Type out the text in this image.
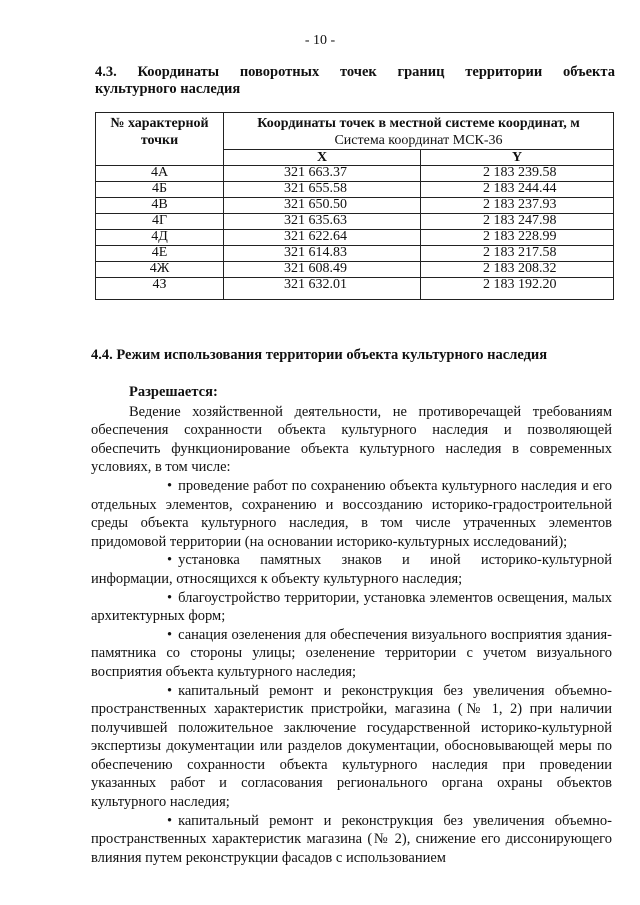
- 10 -
4.3. Координаты поворотных точек границ территории объекта
культурного наследия
№ характерной точки	Координаты точек в местной системе координат, м
Система координат МСК-36	
	X	Y
4А	321 663.37	2 183 239.58
4Б	321 655.58	2 183 244.44
4В	321 650.50	2 183 237.93
4Г	321 635.63	2 183 247.98
4Д	321 622.64	2 183 228.99
4Е	321 614.83	2 183 217.58
4Ж	321 608.49	2 183 208.32
4З	321 632.01	2 183 192.20
4.4. Режим использования территории объекта культурного наследия

Разрешается:

Ведение хозяйственной деятельности, не противоречащей требованиям обеспечения сохранности объекта культурного наследия и позволяющей обеспечить функционирование объекта культурного наследия в современных условиях, в том числе:

• проведение работ по сохранению объекта культурного наследия и его отдельных элементов, сохранению и воссозданию историко-градостроительной среды объекта культурного наследия, в том числе утраченных элементов придомовой территории (на основании историко-культурных исследований);

• установка памятных знаков и иной историко-культурной информации, относящихся к объекту культурного наследия;

• благоустройство территории, установка элементов освещения, малых архитектурных форм;

• санация озеленения для обеспечения визуального восприятия здания-памятника со стороны улицы; озеленение территории с учетом визуального восприятия объекта культурного наследия;

• капитальный ремонт и реконструкция без увеличения объемно-пространственных характеристик пристройки, магазина (№ 1, 2) при наличии получившей положительное заключение государственной историко-культурной экспертизы документации или разделов документации, обосновывающей меры по обеспечению сохранности объекта культурного наследия при проведении указанных работ и согласования регионального органа охраны объектов культурного наследия;

• капитальный ремонт и реконструкция без увеличения объемно-пространственных характеристик магазина (№ 2), снижение его диссонирующего влияния путем реконструкции фасадов с использованием
